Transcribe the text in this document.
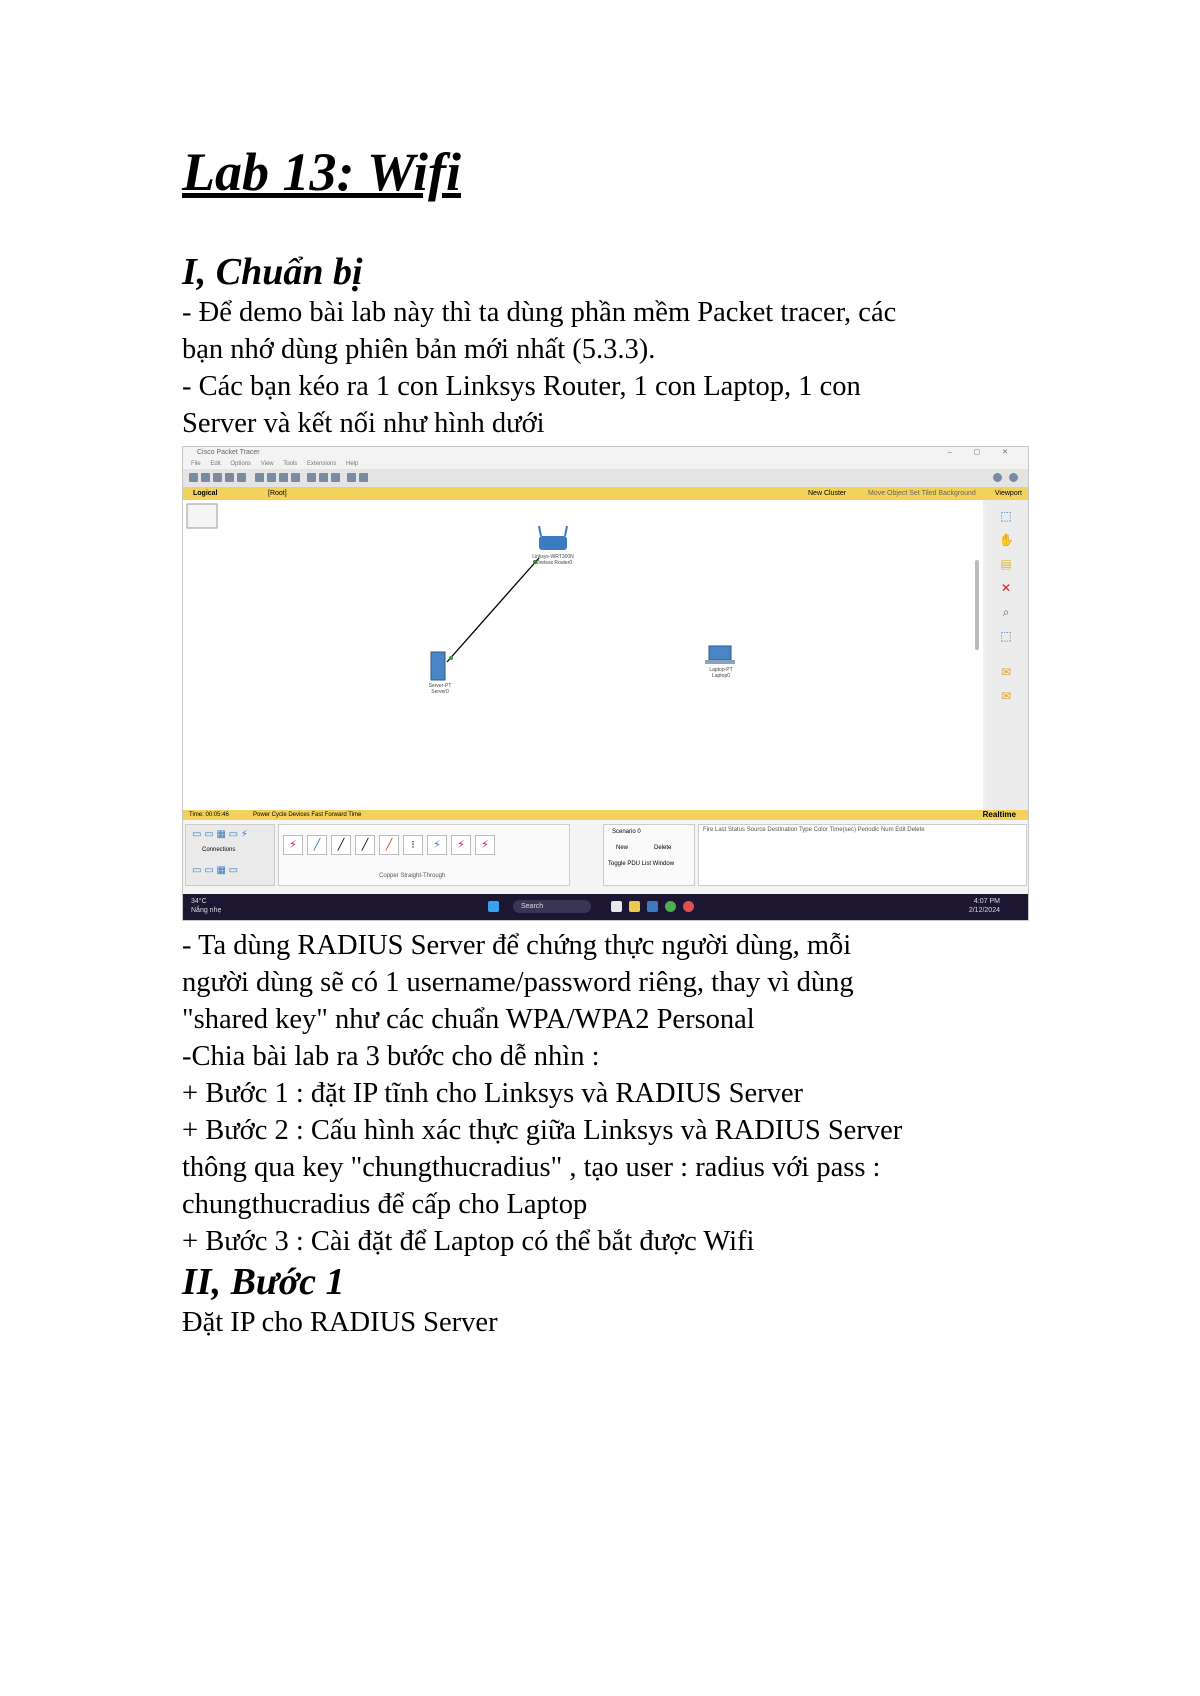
Lab 13: Wifi
I, Chuẩn bị

- Để demo bài lab này thì ta dùng phần mềm Packet tracer, các

bạn nhớ dùng phiên bản mới nhất (5.3.3).

- Các bạn kéo ra 1 con Linksys Router, 1 con Laptop, 1 con

Server và kết nối như hình dưới

Cisco Packet Tracer	– ▢ ✕
File Edit Options View Tools Extensions Help
Logical	[Root]	New Cluster	Move Object Set Tiled Background	Viewport
Linksys-WRT300N
Wireless Router0
Server-PT
Server0
Laptop-PT
Laptop0
⬚
✋
▤
✕
⌕
⬚
✉
✉
Time: 00:05:46	Power Cycle Devices Fast Forward Time	Realtime
Connections
▭ ▭ ▦ ▭ ⚡
▭ ▭ ▦ ▭
⚡	╱	╱	╱	╱	⁝	⚡	⚡	⚡
Copper Straight-Through
Scenario 0
New	Delete
Toggle PDU List Window
Fire Last Status Source Destination Type Color Time(sec) Periodic Num Edit Delete
34°C
Nắng nhẹ
Search
4:07 PM
2/12/2024

- Ta dùng RADIUS Server để chứng thực người dùng, mỗi

người dùng sẽ có 1 username/password riêng, thay vì dùng

"shared key" như các chuẩn WPA/WPA2 Personal

-Chia bài lab ra 3 bước cho dễ nhìn :

+ Bước 1 : đặt IP tĩnh cho Linksys và RADIUS Server

+ Bước 2 : Cấu hình xác thực giữa Linksys và RADIUS Server

thông qua key "chungthucradius" , tạo user : radius với pass :

chungthucradius để cấp cho Laptop

+ Bước 3 : Cài đặt để Laptop có thể bắt được Wifi

II, Bước 1

Đặt IP cho RADIUS Server
